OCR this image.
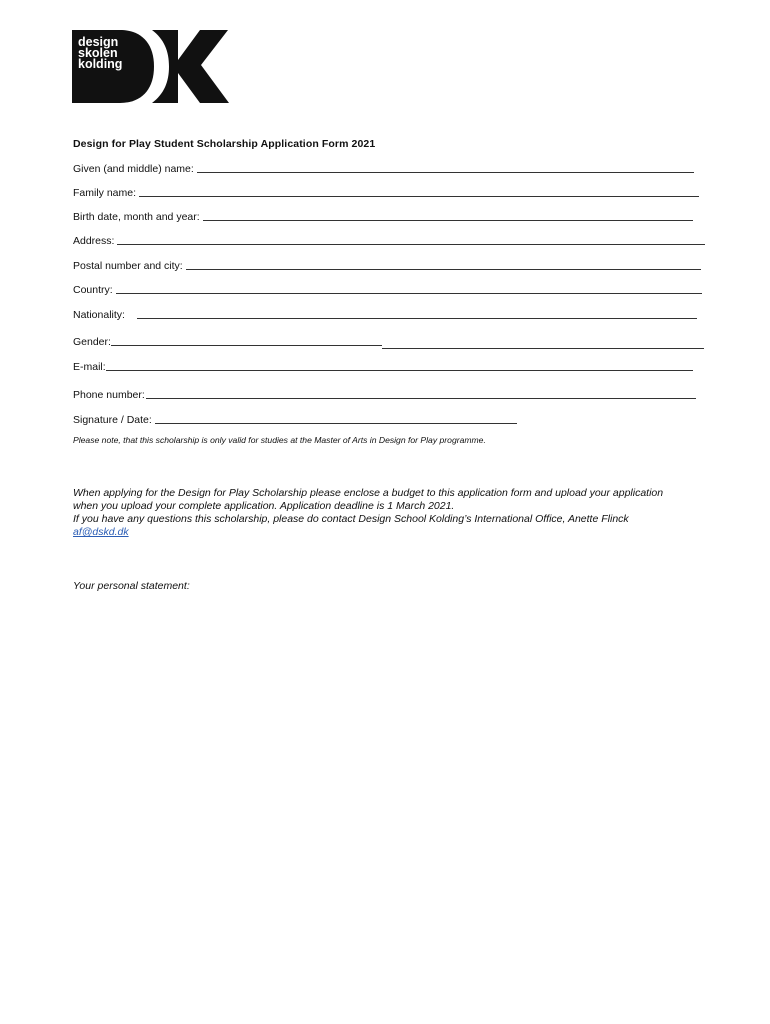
design
skolen
kolding
Design for Play Student Scholarship Application Form 2021
Given (and middle) name:
Family name:
Birth date, month and year:
Address:
Postal number and city:
Country:
Nationality:
Gender:
E-mail:
Phone number:
Signature / Date:
Please note, that this scholarship is only valid for studies at the Master of Arts in Design for Play programme.
When applying for the Design for Play Scholarship please enclose a budget to this application form and upload your application
when you upload your complete application. Application deadline is 1 March 2021.
If you have any questions this scholarship, please do contact Design School Kolding’s International Office, Anette Flinck
af@dskd.dk
Your personal statement:
